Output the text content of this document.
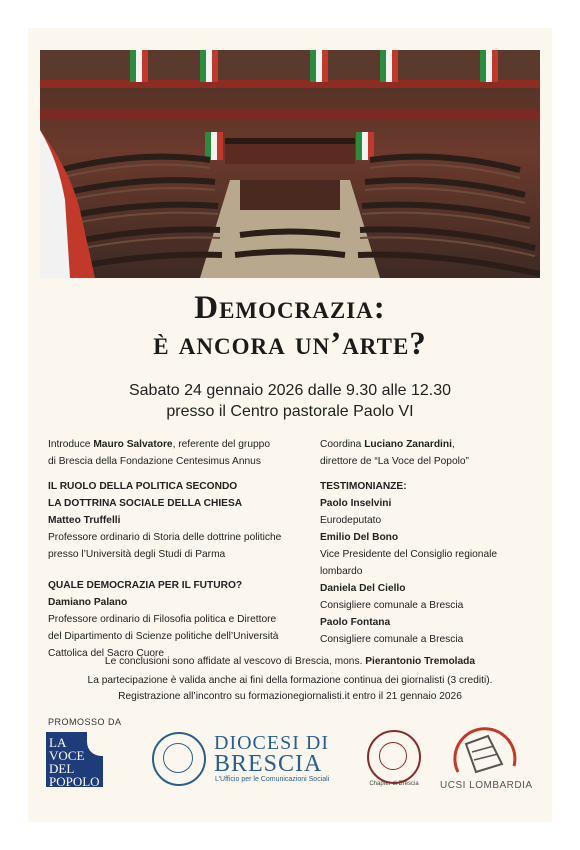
Democrazia:
è ancora un’arte?
Sabato 24 gennaio 2026 dalle 9.30 alle 12.30
presso il Centro pastorale Paolo VI
Introduce Mauro Salvatore, referente del gruppo
di Brescia della Fondazione Centesimus Annus
IL RUOLO DELLA POLITICA SECONDO
LA DOTTRINA SOCIALE DELLA CHIESA
Matteo Truffelli
Professore ordinario di Storia delle dottrine politiche
presso l’Università degli Studi di Parma
QUALE DEMOCRAZIA PER IL FUTURO?
Damiano Palano
Professore ordinario di Filosofia politica e Direttore
del Dipartimento di Scienze politiche dell’Università
Cattolica del Sacro Cuore
Coordina Luciano Zanardini,
direttore de “La Voce del Popolo”
TESTIMONIANZE:
Paolo Inselvini
Eurodeputato
Emilio Del Bono
Vice Presidente del Consiglio regionale
lombardo
Daniela Del Ciello
Consigliere comunale a Brescia
Paolo Fontana
Consigliere comunale a Brescia
Le conclusioni sono affidate al vescovo di Brescia, mons. Pierantonio Tremolada
La partecipazione è valida anche ai fini della formazione continua dei giornalisti (3 crediti).
Registrazione all’incontro su formazionegiornalisti.it entro il 21 gennaio 2026
PROMOSSO DA
LA
VOCE
DEL
POPOLO
DIOCESI DI
BRESCIA
L’Ufficio per le Comunicazioni Sociali
Chapter di Brescia UCSI LOMBARDIA
